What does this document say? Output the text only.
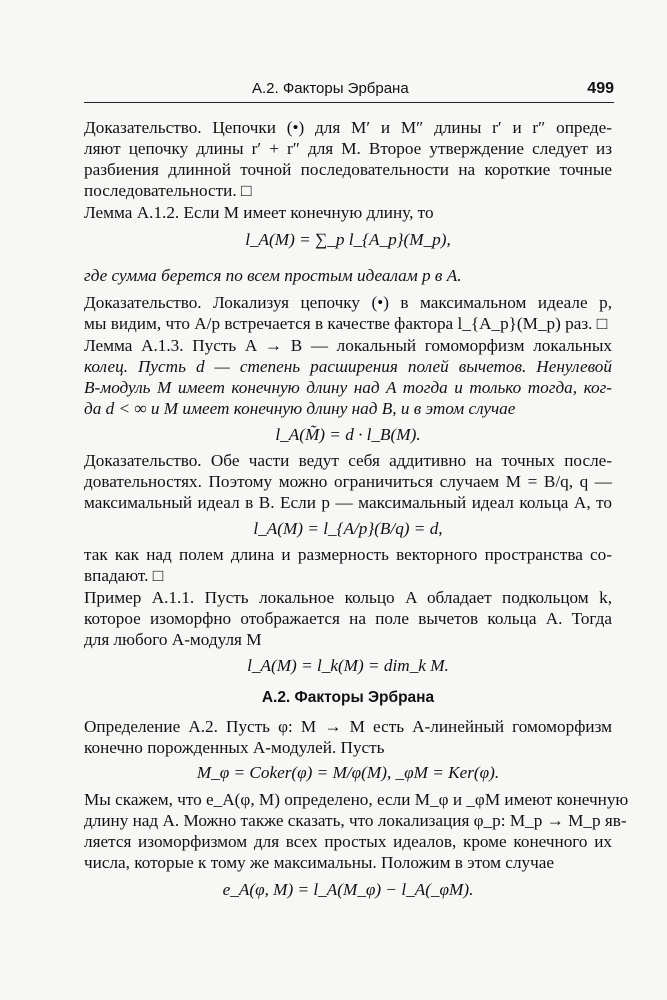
А.2. Факторы Эрбрана	499
Доказательство. Цепочки (•) для M′ и M″ длины r′ и r″ опреде-
ляют цепочку длины r′ + r″ для M. Второе утверждение следует из
разбиения длинной точной последовательности на короткие точные
последовательности. □
Лемма А.1.2. Если M имеет конечную длину, то
l_A(M) = ∑_p l_{A_p}(M_p),
где сумма берется по всем простым идеалам p в A.
Доказательство. Локализуя цепочку (•) в максимальном идеале p,
мы видим, что A/p встречается в качестве фактора l_{A_p}(M_p) раз. □
Лемма А.1.3. Пусть A → B — локальный гомоморфизм локальных
колец. Пусть d — степень расширения полей вычетов. Ненулевой
B-модуль M имеет конечную длину над A тогда и только тогда, ког-
да d < ∞ и M имеет конечную длину над B, и в этом случае
l_A(M̃) = d · l_B(M).
Доказательство. Обе части ведут себя аддитивно на точных после-
довательностях. Поэтому можно ограничиться случаем M = B/q, q —
максимальный идеал в B. Если p — максимальный идеал кольца A, то
l_A(M) = l_{A/p}(B/q) = d,
так как над полем длина и размерность векторного пространства со-
впадают. □
Пример А.1.1. Пусть локальное кольцо A обладает подкольцом k,
которое изоморфно отображается на поле вычетов кольца A. Тогда
для любого A-модуля M
l_A(M) = l_k(M) = dim_k M.
А.2. Факторы Эрбрана
Определение А.2. Пусть φ: M → M есть A-линейный гомоморфизм
конечно порожденных A-модулей. Пусть
M_φ = Coker(φ) = M/φ(M), _φM = Ker(φ).
Мы скажем, что e_A(φ, M) определено, если M_φ и _φM имеют конечную
длину над A. Можно также сказать, что локализация φ_p: M_p → M_p яв-
ляется изоморфизмом для всех простых идеалов, кроме конечного их
числа, которые к тому же максимальны. Положим в этом случае
e_A(φ, M) = l_A(M_φ) − l_A(_φM).
